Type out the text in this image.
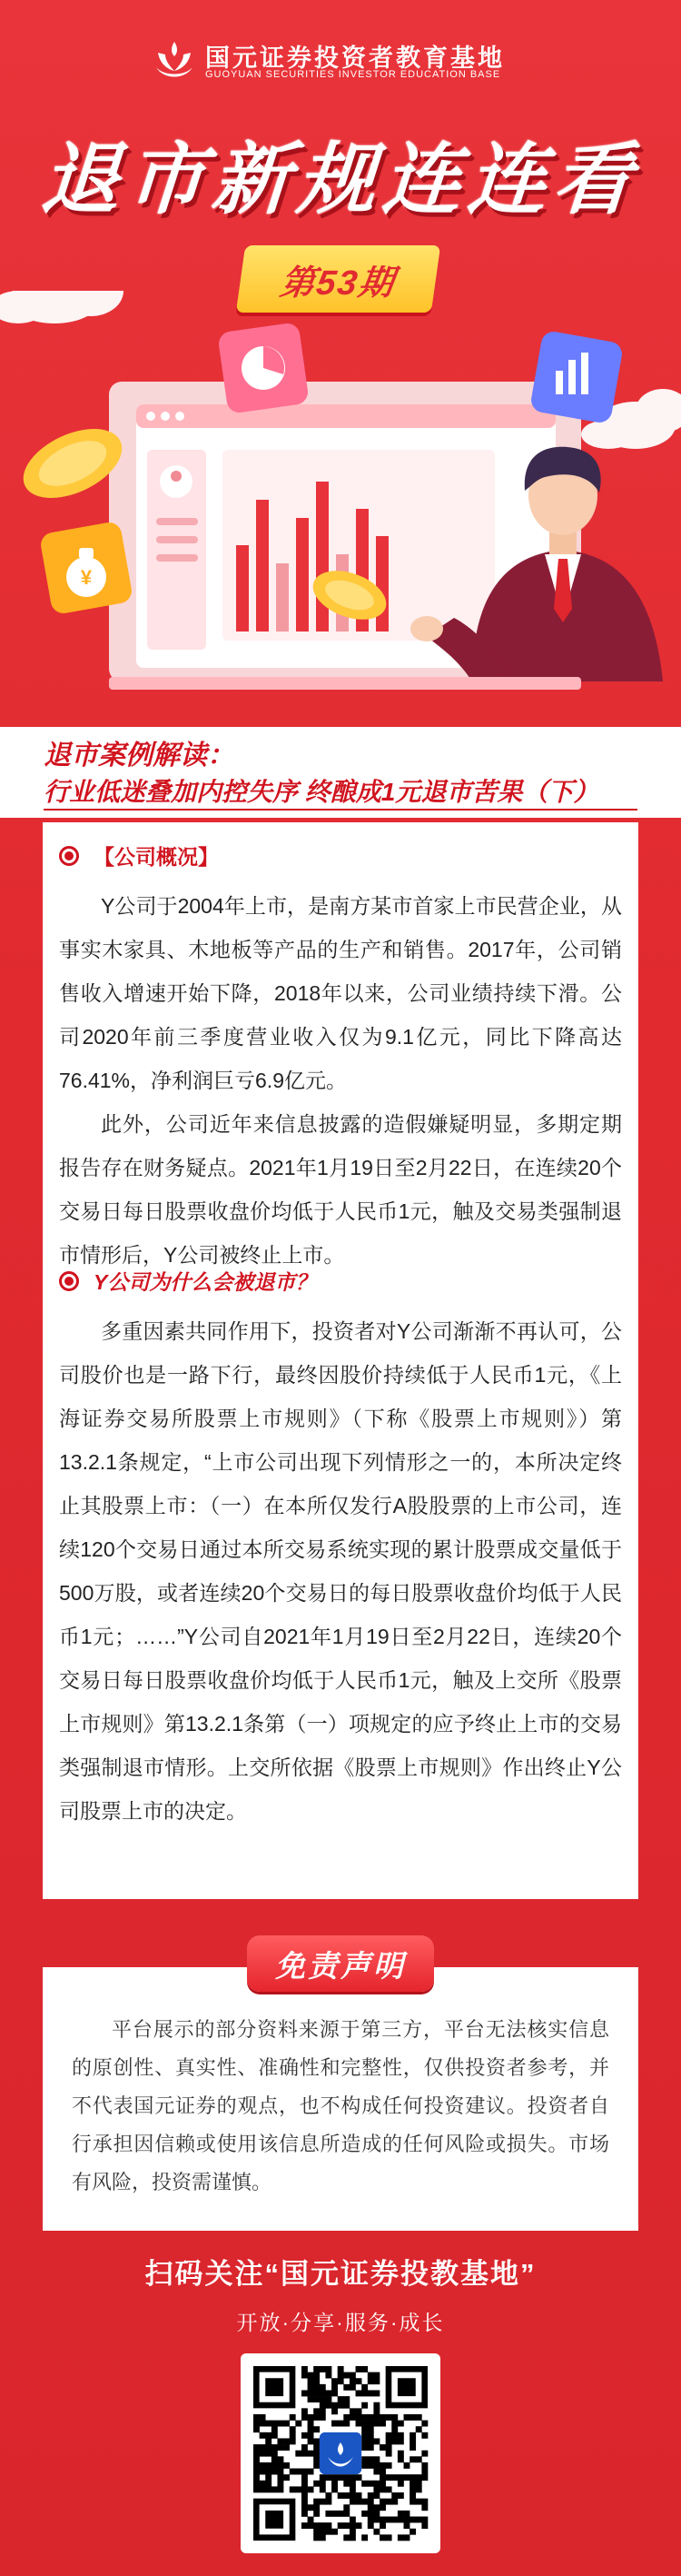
国元证券投资者教育基地
GUOYUAN SECURITIES INVESTOR EDUCATION BASE
退市新规连连看
第53期
¥
退市案例解读：
行业低迷叠加内控失序 终酿成1元退市苦果（下）
【公司概况】

Y公司于2004年上市，是南方某市首家上市民营企业，从事实木家具、木地板等产品的生产和销售。2017年，公司销售收入增速开始下降，2018年以来，公司业绩持续下滑。公司2020年前三季度营业收入仅为9.1亿元，同比下降高达76.41%，净利润巨亏6.9亿元。

此外，公司近年来信息披露的造假嫌疑明显，多期定期报告存在财务疑点。2021年1月19日至2月22日，在连续20个交易日每日股票收盘价均低于人民币1元，触及交易类强制退市情形后，Y公司被终止上市。

Y公司为什么会被退市？

多重因素共同作用下，投资者对Y公司渐渐不再认可，公司股价也是一路下行，最终因股价持续低于人民币1元，《上海证券交易所股票上市规则》（下称《股票上市规则》）第13.2.1条规定，“上市公司出现下列情形之一的，本所决定终止其股票上市：（一）在本所仅发行A股股票的上市公司，连续120个交易日通过本所交易系统实现的累计股票成交量低于500万股，或者连续20个交易日的每日股票收盘价均低于人民币1元；……”Y公司自2021年1月19日至2月22日，连续20个交易日每日股票收盘价均低于人民币1元，触及上交所《股票上市规则》第13.2.1条第（一）项规定的应予终止上市的交易类强制退市情形。上交所依据《股票上市规则》作出终止Y公司股票上市的决定。

平台展示的部分资料来源于第三方，平台无法核实信息的原创性、真实性、准确性和完整性，仅供投资者参考，并不代表国元证券的观点，也不构成任何投资建议。投资者自行承担因信赖或使用该信息所造成的任何风险或损失。市场有风险，投资需谨慎。

免责声明
扫码关注“国元证券投教基地”
开放·分享·服务·成长
